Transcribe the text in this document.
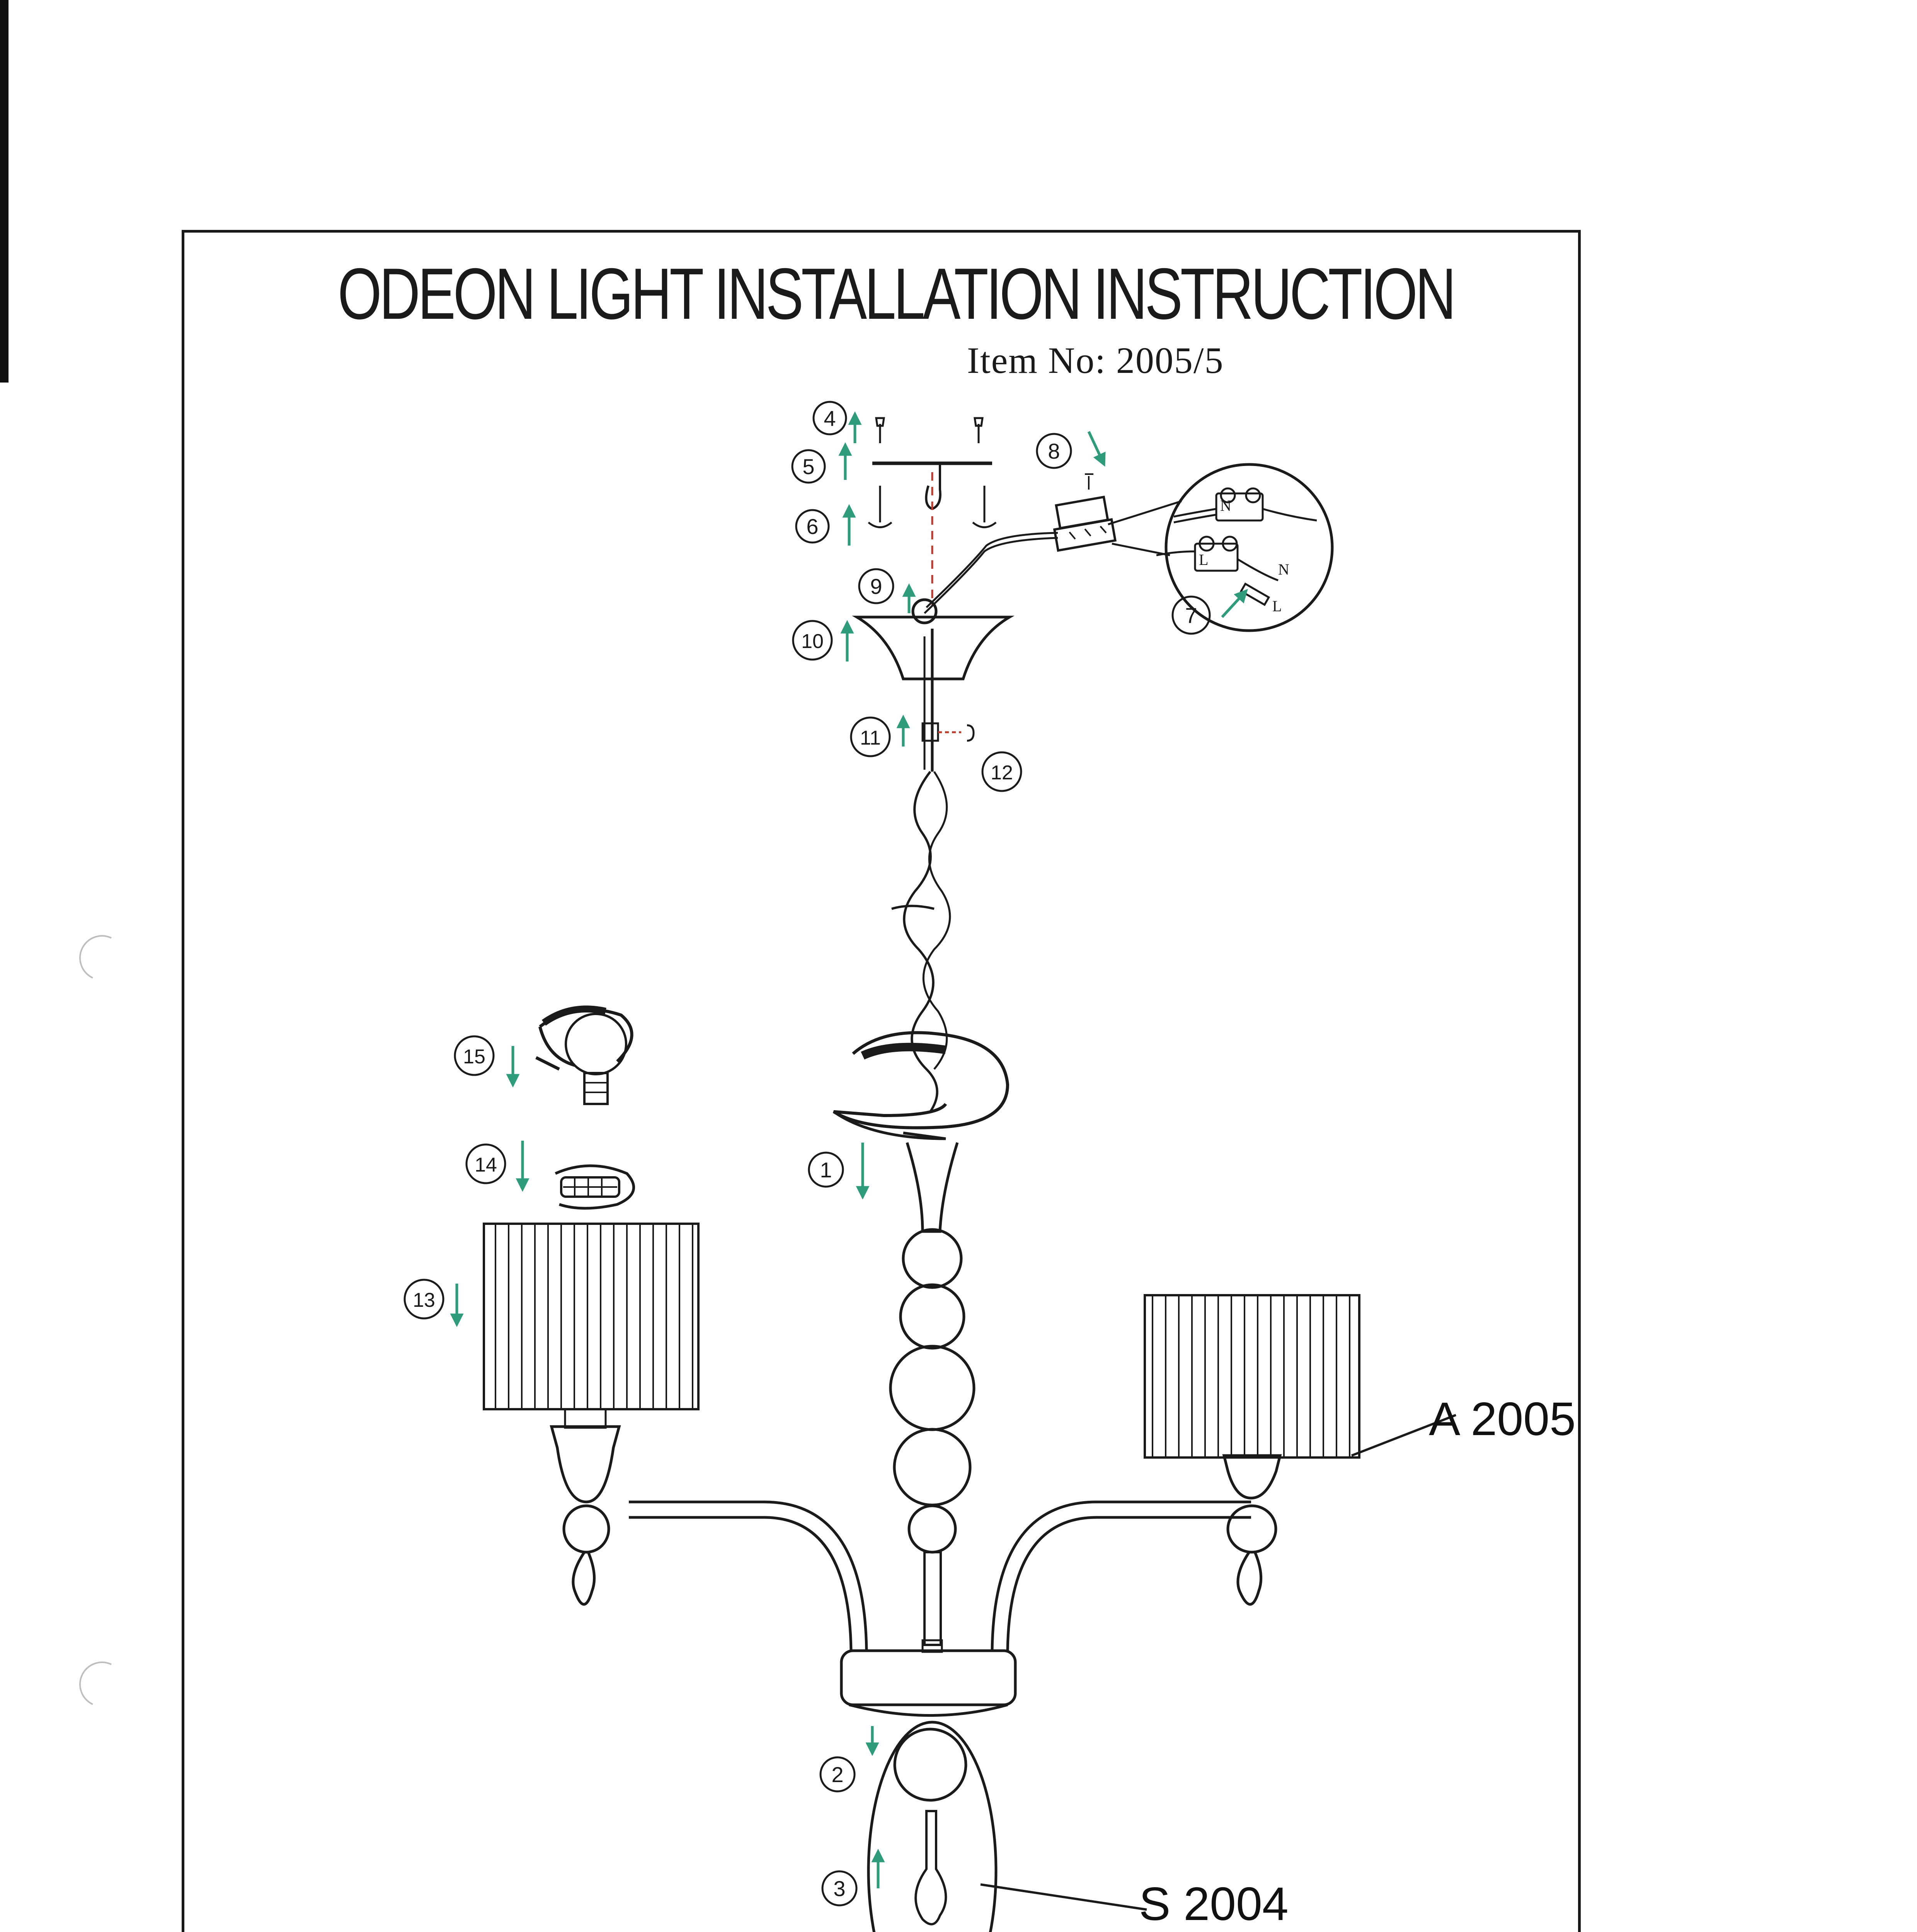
ODEON LIGHT INSTALLATION INSTRUCTION
Item No: 2005/5
N
N
L
L
4
5
6
8
9
10
11
12
7
15
14	1
13
2
3
A 2005
S 2004
